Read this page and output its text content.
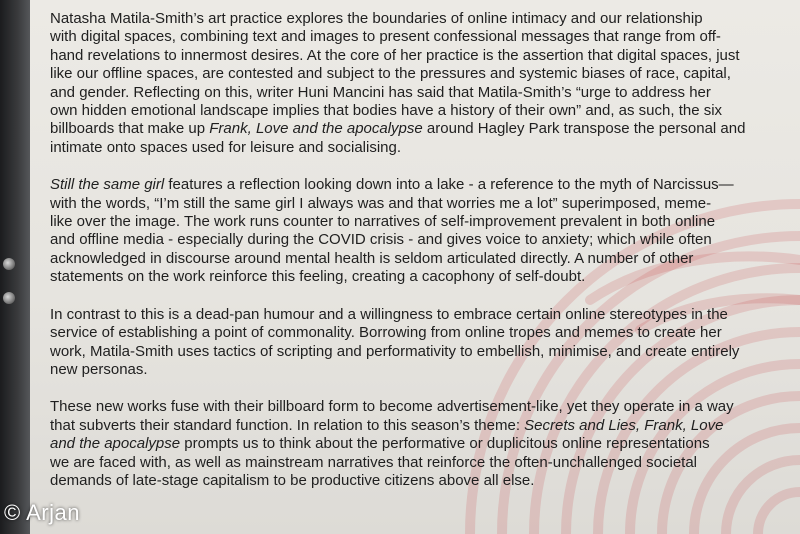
Natasha Matila-Smith’s art practice explores the boundaries of online intimacy and our relationship
with digital spaces, combining text and images to present confessional messages that range from off-
hand revelations to innermost desires. At the core of her practice is the assertion that digital spaces, just
like our offline spaces, are contested and subject to the pressures and systemic biases of race, capital,
and gender. Reflecting on this, writer Huni Mancini has said that Matila-Smith’s “urge to address her
own hidden emotional landscape implies that bodies have a history of their own” and, as such, the six
billboards that make up Frank, Love and the apocalypse around Hagley Park transpose the personal and
intimate onto spaces used for leisure and socialising.

Still the same girl features a reflection looking down into a lake - a reference to the myth of Narcissus—
with the words, “I’m still the same girl I always was and that worries me a lot” superimposed, meme-
like over the image. The work runs counter to narratives of self-improvement prevalent in both online
and offline media - especially during the COVID crisis - and gives voice to anxiety; which while often
acknowledged in discourse around mental health is seldom articulated directly. A number of other
statements on the work reinforce this feeling, creating a cacophony of self-doubt.

In contrast to this is a dead-pan humour and a willingness to embrace certain online stereotypes in the
service of establishing a point of commonality. Borrowing from online tropes and memes to create her
work, Matila-Smith uses tactics of scripting and performativity to embellish, minimise, and create entirely
new personas.

These new works fuse with their billboard form to become advertisement-like, yet they operate in a way
that subverts their standard function. In relation to this season’s theme: Secrets and Lies, Frank, Love
and the apocalypse prompts us to think about the performative or duplicitous online representations
we are faced with, as well as mainstream narratives that reinforce the often-unchallenged societal
demands of late-stage capitalism to be productive citizens above all else.

© Arjan
